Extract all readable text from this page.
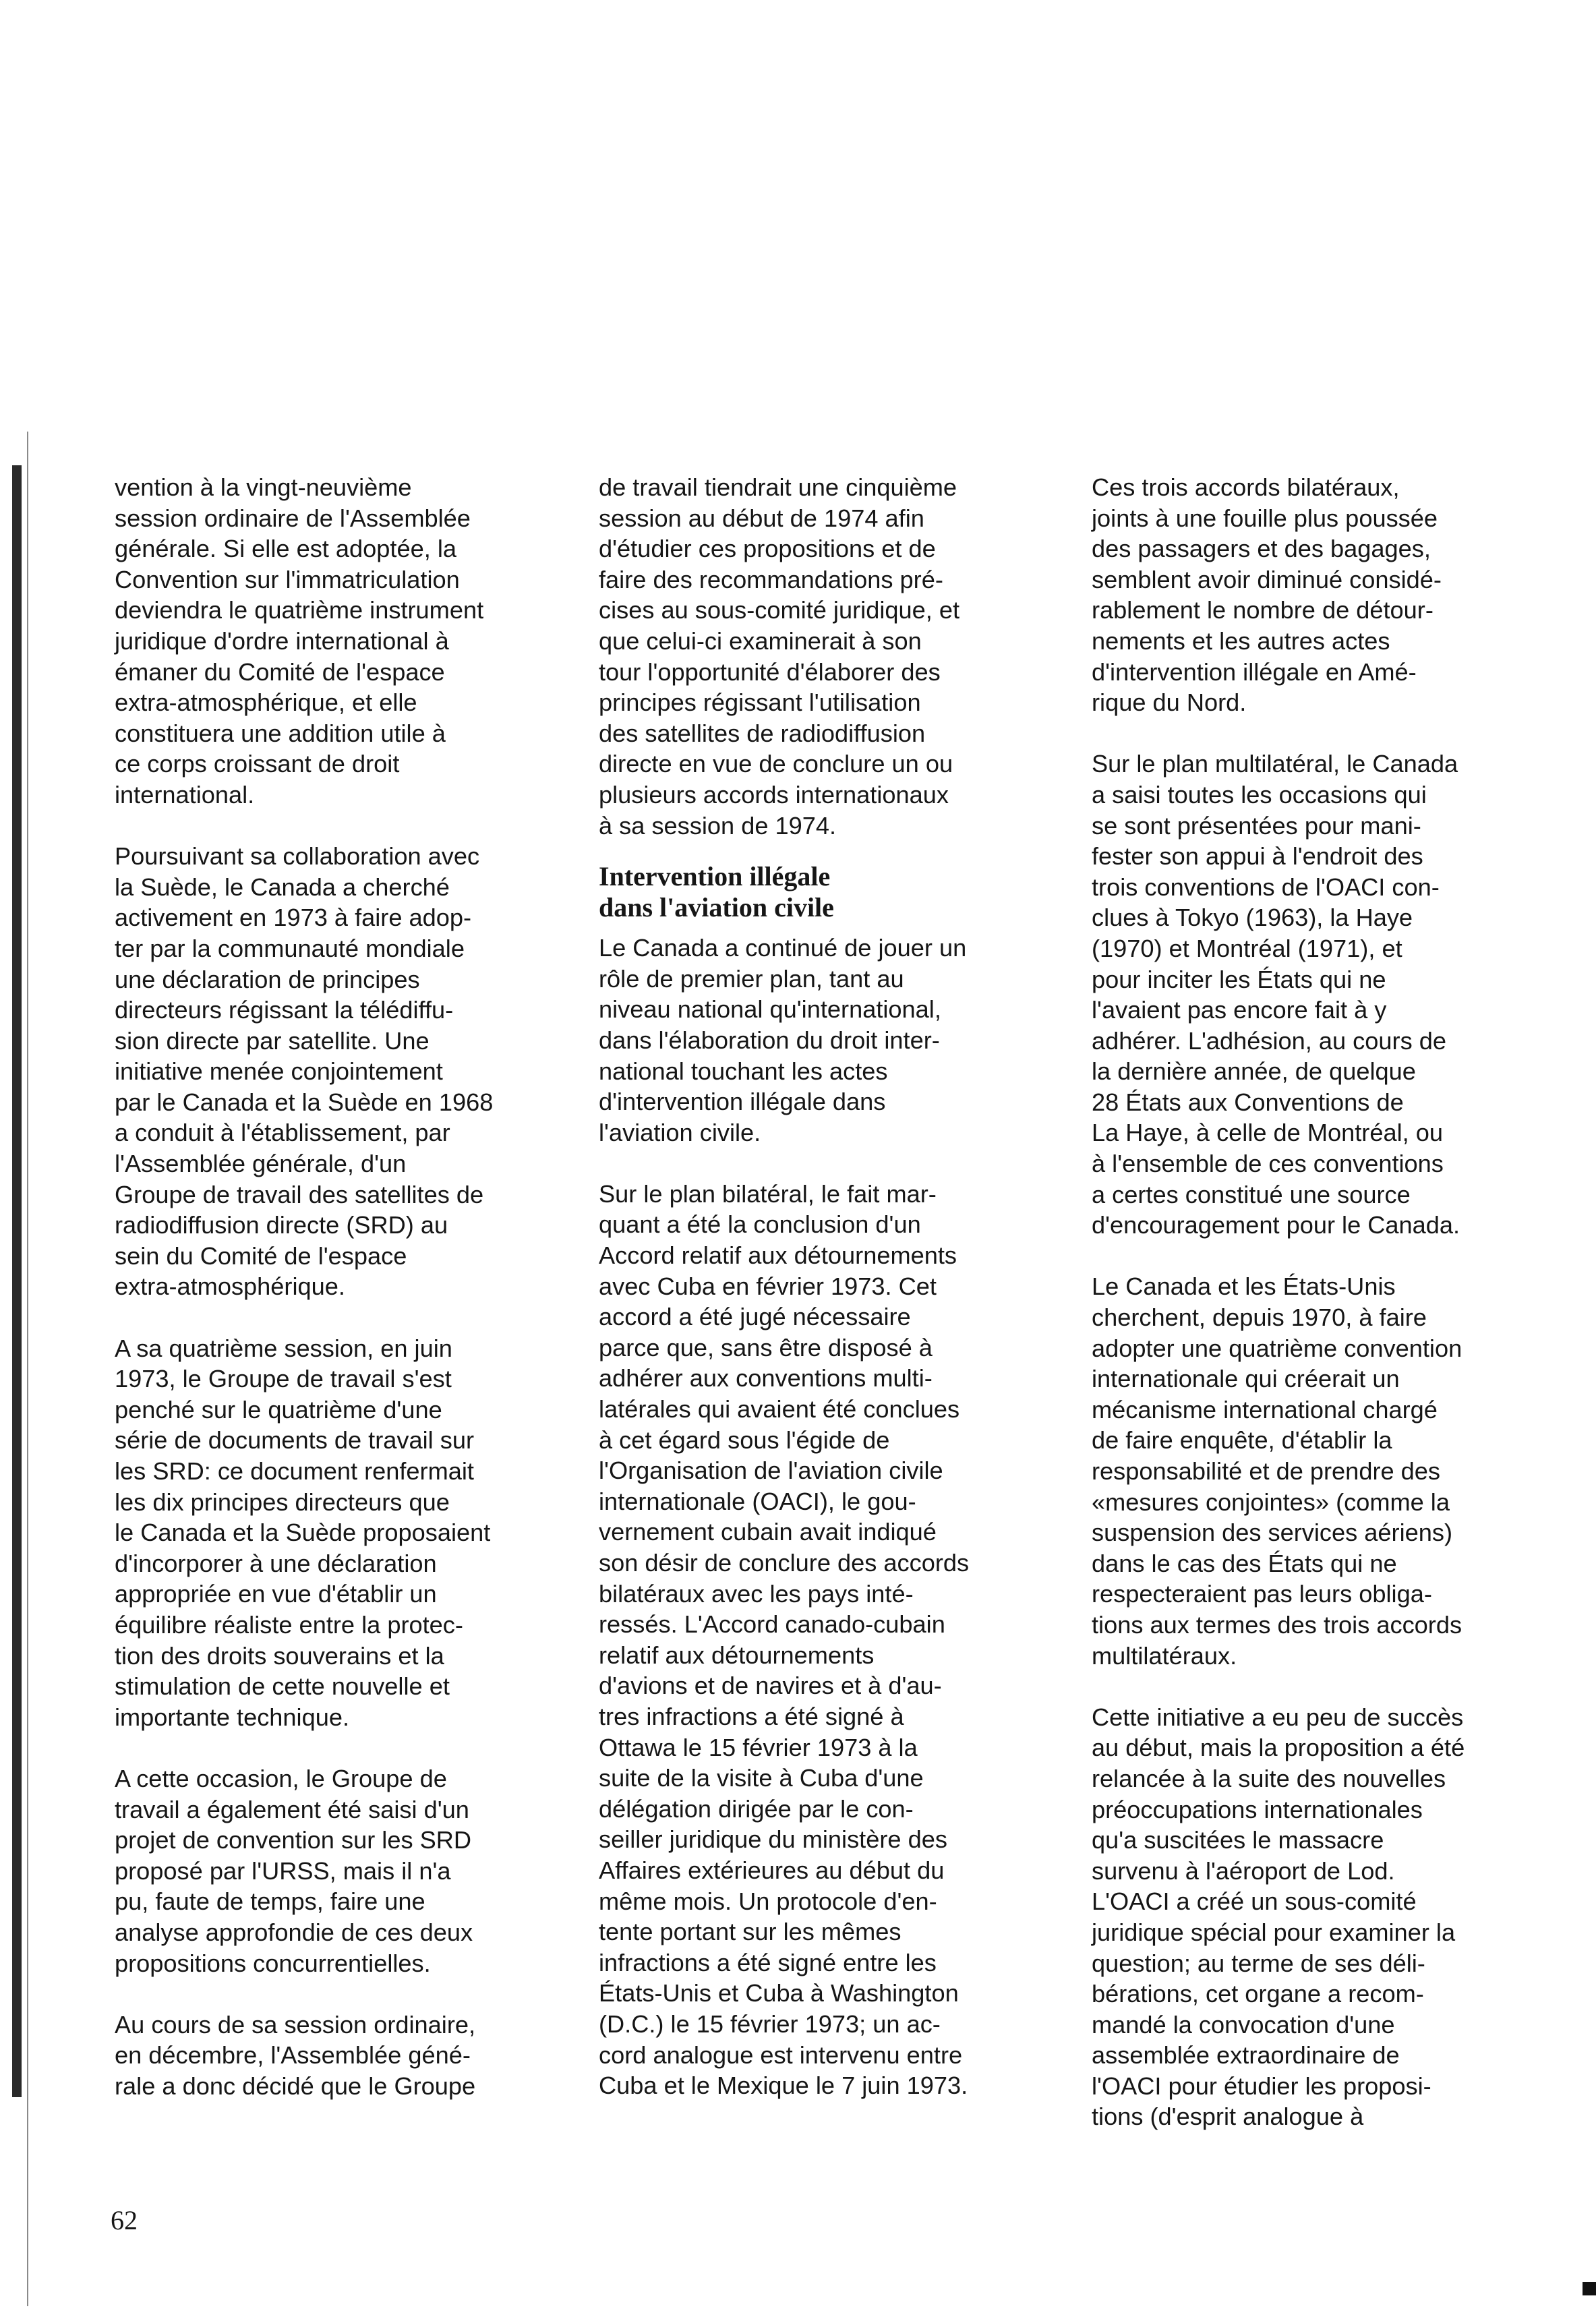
vention à la vingt-neuvième
session ordinaire de l'Assemblée
générale. Si elle est adoptée, la
Convention sur l'immatriculation
deviendra le quatrième instrument
juridique d'ordre international à
émaner du Comité de l'espace
extra-atmosphérique, et elle
constituera une addition utile à
ce corps croissant de droit
international.

Poursuivant sa collaboration avec
la Suède, le Canada a cherché
activement en 1973 à faire adop-
ter par la communauté mondiale
une déclaration de principes
directeurs régissant la télédiffu-
sion directe par satellite. Une
initiative menée conjointement
par le Canada et la Suède en 1968
a conduit à l'établissement, par
l'Assemblée générale, d'un
Groupe de travail des satellites de
radiodiffusion directe (SRD) au
sein du Comité de l'espace
extra-atmosphérique.

A sa quatrième session, en juin
1973, le Groupe de travail s'est
penché sur le quatrième d'une
série de documents de travail sur
les SRD: ce document renfermait
les dix principes directeurs que
le Canada et la Suède proposaient
d'incorporer à une déclaration
appropriée en vue d'établir un
équilibre réaliste entre la protec-
tion des droits souverains et la
stimulation de cette nouvelle et
importante technique.

A cette occasion, le Groupe de
travail a également été saisi d'un
projet de convention sur les SRD
proposé par l'URSS, mais il n'a
pu, faute de temps, faire une
analyse approfondie de ces deux
propositions concurrentielles.

Au cours de sa session ordinaire,
en décembre, l'Assemblée géné-
rale a donc décidé que le Groupe

de travail tiendrait une cinquième
session au début de 1974 afin
d'étudier ces propositions et de
faire des recommandations pré-
cises au sous-comité juridique, et
que celui-ci examinerait à son
tour l'opportunité d'élaborer des
principes régissant l'utilisation
des satellites de radiodiffusion
directe en vue de conclure un ou
plusieurs accords internationaux
à sa session de 1974.

Intervention illégale
dans l'aviation civile

Le Canada a continué de jouer un
rôle de premier plan, tant au
niveau national qu'international,
dans l'élaboration du droit inter-
national touchant les actes
d'intervention illégale dans
l'aviation civile.

Sur le plan bilatéral, le fait mar-
quant a été la conclusion d'un
Accord relatif aux détournements
avec Cuba en février 1973. Cet
accord a été jugé nécessaire
parce que, sans être disposé à
adhérer aux conventions multi-
latérales qui avaient été conclues
à cet égard sous l'égide de
l'Organisation de l'aviation civile
internationale (OACI), le gou-
vernement cubain avait indiqué
son désir de conclure des accords
bilatéraux avec les pays inté-
ressés. L'Accord canado-cubain
relatif aux détournements
d'avions et de navires et à d'au-
tres infractions a été signé à
Ottawa le 15 février 1973 à la
suite de la visite à Cuba d'une
délégation dirigée par le con-
seiller juridique du ministère des
Affaires extérieures au début du
même mois. Un protocole d'en-
tente portant sur les mêmes
infractions a été signé entre les
États-Unis et Cuba à Washington
(D.C.) le 15 février 1973; un ac-
cord analogue est intervenu entre
Cuba et le Mexique le 7 juin 1973.

Ces trois accords bilatéraux,
joints à une fouille plus poussée
des passagers et des bagages,
semblent avoir diminué considé-
rablement le nombre de détour-
nements et les autres actes
d'intervention illégale en Amé-
rique du Nord.

Sur le plan multilatéral, le Canada
a saisi toutes les occasions qui
se sont présentées pour mani-
fester son appui à l'endroit des
trois conventions de l'OACI con-
clues à Tokyo (1963), la Haye
(1970) et Montréal (1971), et
pour inciter les États qui ne
l'avaient pas encore fait à y
adhérer. L'adhésion, au cours de
la dernière année, de quelque
28 États aux Conventions de
La Haye, à celle de Montréal, ou
à l'ensemble de ces conventions
a certes constitué une source
d'encouragement pour le Canada.

Le Canada et les États-Unis
cherchent, depuis 1970, à faire
adopter une quatrième convention
internationale qui créerait un
mécanisme international chargé
de faire enquête, d'établir la
responsabilité et de prendre des
«mesures conjointes» (comme la
suspension des services aériens)
dans le cas des États qui ne
respecteraient pas leurs obliga-
tions aux termes des trois accords
multilatéraux.

Cette initiative a eu peu de succès
au début, mais la proposition a été
relancée à la suite des nouvelles
préoccupations internationales
qu'a suscitées le massacre
survenu à l'aéroport de Lod.
L'OACI a créé un sous-comité
juridique spécial pour examiner la
question; au terme de ses déli-
bérations, cet organe a recom-
mandé la convocation d'une
assemblée extraordinaire de
l'OACI pour étudier les proposi-
tions (d'esprit analogue à

62
